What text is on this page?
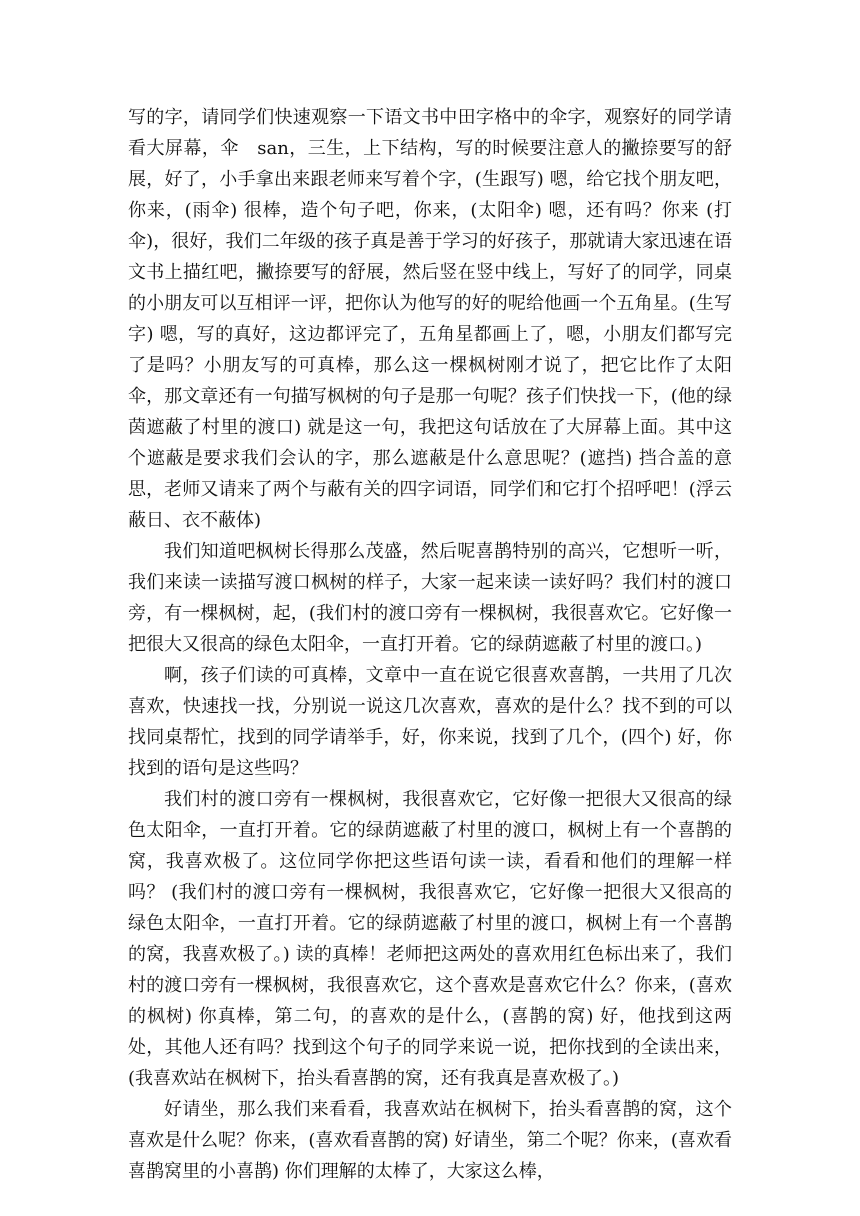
写的字，请同学们快速观察一下语文书中田字格中的伞字，观察好的同学请看大屏幕，伞　san，三生，上下结构，写的时候要注意人的撇捺要写的舒展，好了，小手拿出来跟老师来写着个字，(生跟写) 嗯，给它找个朋友吧，你来，(雨伞) 很棒，造个句子吧，你来，(太阳伞) 嗯，还有吗？你来 (打伞)，很好，我们二年级的孩子真是善于学习的好孩子，那就请大家迅速在语文书上描红吧，撇捺要写的舒展，然后竖在竖中线上，写好了的同学，同桌的小朋友可以互相评一评，把你认为他写的好的呢给他画一个五角星。(生写字) 嗯，写的真好，这边都评完了，五角星都画上了，嗯，小朋友们都写完了是吗？小朋友写的可真棒，那么这一棵枫树刚才说了，把它比作了太阳伞，那文章还有一句描写枫树的句子是那一句呢？孩子们快找一下，(他的绿茵遮蔽了村里的渡口) 就是这一句，我把这句话放在了大屏幕上面。其中这个遮蔽是要求我们会认的字，那么遮蔽是什么意思呢？(遮挡) 挡合盖的意思，老师又请来了两个与蔽有关的四字词语，同学们和它打个招呼吧！(浮云蔽日、衣不蔽体)

我们知道吧枫树长得那么茂盛，然后呢喜鹊特别的高兴，它想听一听，我们来读一读描写渡口枫树的样子，大家一起来读一读好吗？我们村的渡口旁，有一棵枫树，起，(我们村的渡口旁有一棵枫树，我很喜欢它。它好像一把很大又很高的绿色太阳伞，一直打开着。它的绿荫遮蔽了村里的渡口。)

啊，孩子们读的可真棒，文章中一直在说它很喜欢喜鹊，一共用了几次喜欢，快速找一找，分别说一说这几次喜欢，喜欢的是什么？找不到的可以找同桌帮忙，找到的同学请举手，好，你来说，找到了几个，(四个) 好，你找到的语句是这些吗？

我们村的渡口旁有一棵枫树，我很喜欢它，它好像一把很大又很高的绿色太阳伞，一直打开着。它的绿荫遮蔽了村里的渡口，枫树上有一个喜鹊的窝，我喜欢极了。这位同学你把这些语句读一读，看看和他们的理解一样吗？ (我们村的渡口旁有一棵枫树，我很喜欢它，它好像一把很大又很高的绿色太阳伞，一直打开着。它的绿荫遮蔽了村里的渡口，枫树上有一个喜鹊的窝，我喜欢极了。) 读的真棒！老师把这两处的喜欢用红色标出来了，我们村的渡口旁有一棵枫树，我很喜欢它，这个喜欢是喜欢它什么？你来，(喜欢的枫树) 你真棒，第二句，的喜欢的是什么，(喜鹊的窝) 好，他找到这两处，其他人还有吗？找到这个句子的同学来说一说，把你找到的全读出来，(我喜欢站在枫树下，抬头看喜鹊的窝，还有我真是喜欢极了。)

好请坐，那么我们来看看，我喜欢站在枫树下，抬头看喜鹊的窝，这个喜欢是什么呢？你来，(喜欢看喜鹊的窝) 好请坐，第二个呢？你来，(喜欢看喜鹊窝里的小喜鹊) 你们理解的太棒了，大家这么棒，
